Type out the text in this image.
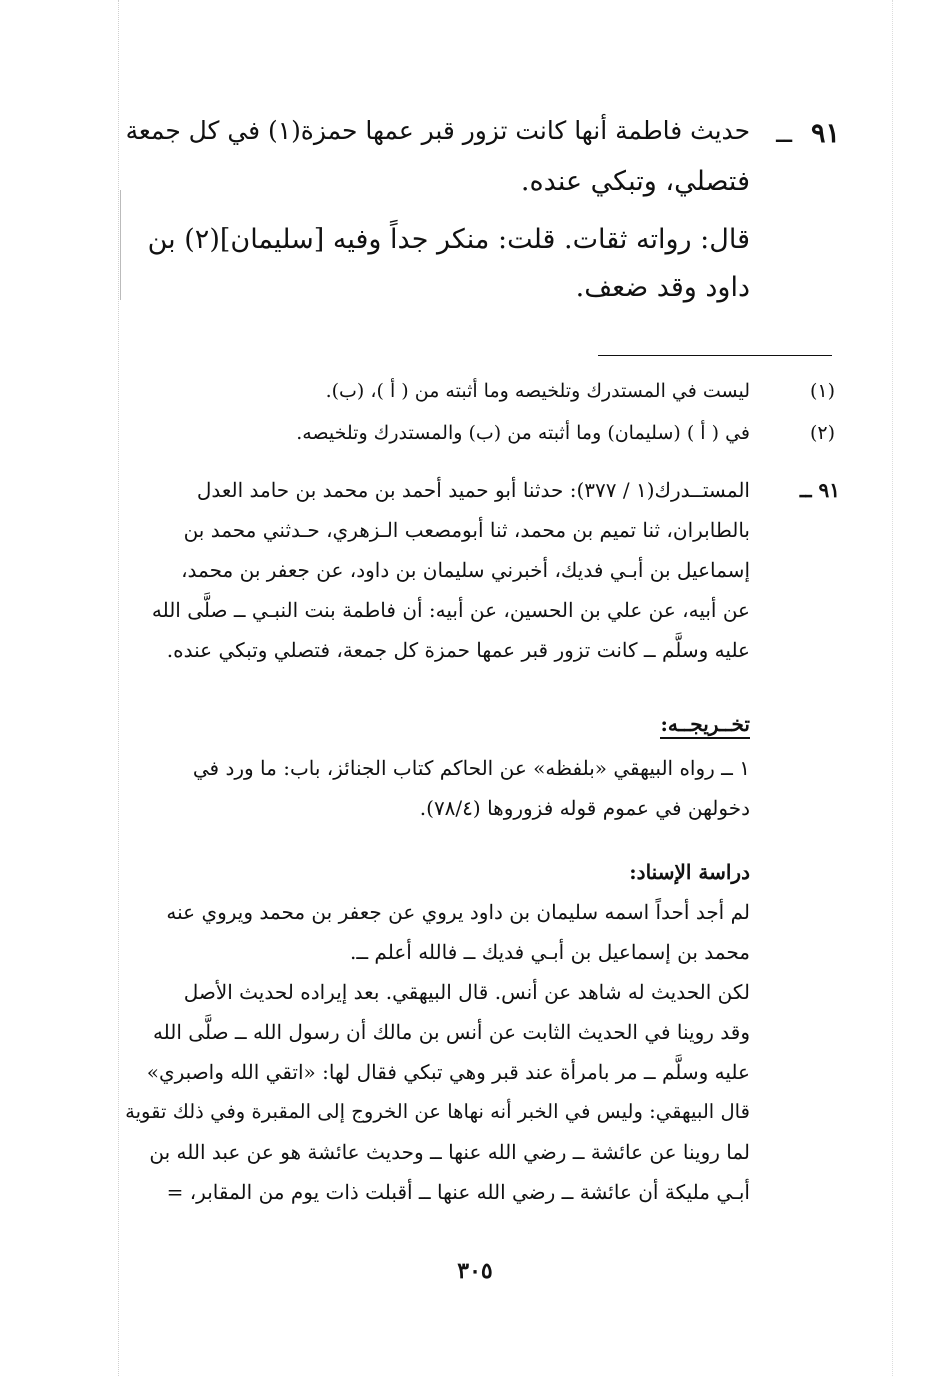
٩١
ــ
حديث فاطمة أنها كانت تزور قبر عمها حمزة(١) في كل جمعة
فتصلي، وتبكي عنده.
قال: رواته ثقات. قلت: منكر جداً وفيه [سليمان](٢) بن
داود وقد ضعف.
(١)
ليست في المستدرك وتلخيصه وما أثبته من ( أ )، (ب).
(٢)
في ( أ ) (سليمان) وما أثبته من (ب) والمستدرك وتلخيصه.
٩١ ــ
المستــدرك(١ / ٣٧٧): حدثنا أبو حميد أحمد بن محمد بن حامد العدل
بالطابران، ثنا تميم بن محمد، ثنا أبومصعب الـزهري، حـدثني محمد بن
إسماعيل بن أبـي فديك، أخبرني سليمان بن داود، عن جعفر بن محمد،
عن أبيه، عن علي بن الحسين، عن أبيه: أن فاطمة بنت النبـي ــ صلَّى الله
عليه وسلَّم ــ كانت تزور قبر عمها حمزة كل جمعة، فتصلي وتبكي عنده.
تخــريجــه:
١ ــ رواه البيهقي «بلفظه» عن الحاكم كتاب الجنائز، باب: ما ورد في
دخولهن في عموم قوله فزوروها (٧٨/٤).
دراسة الإسناد:
لم أجد أحداً اسمه سليمان بن داود يروي عن جعفر بن محمد ويروي عنه
محمد بن إسماعيل بن أبـي فديك ــ فالله أعلم ــ.
لكن الحديث له شاهد عن أنس. قال البيهقي. بعد إيراده لحديث الأصل
وقد روينا في الحديث الثابت عن أنس بن مالك أن رسول الله ــ صلَّى الله
عليه وسلَّم ــ مر بامرأة عند قبر وهي تبكي فقال لها: «اتقي الله واصبري»
قال البيهقي: وليس في الخبر أنه نهاها عن الخروج إلى المقبرة وفي ذلك تقوية
لما روينا عن عائشة ــ رضي الله عنها ــ وحديث عائشة هو عن عبد الله بن
أبـي مليكة أن عائشة ــ رضي الله عنها ــ أقبلت ذات يوم من المقابر، =
٣٠٥
